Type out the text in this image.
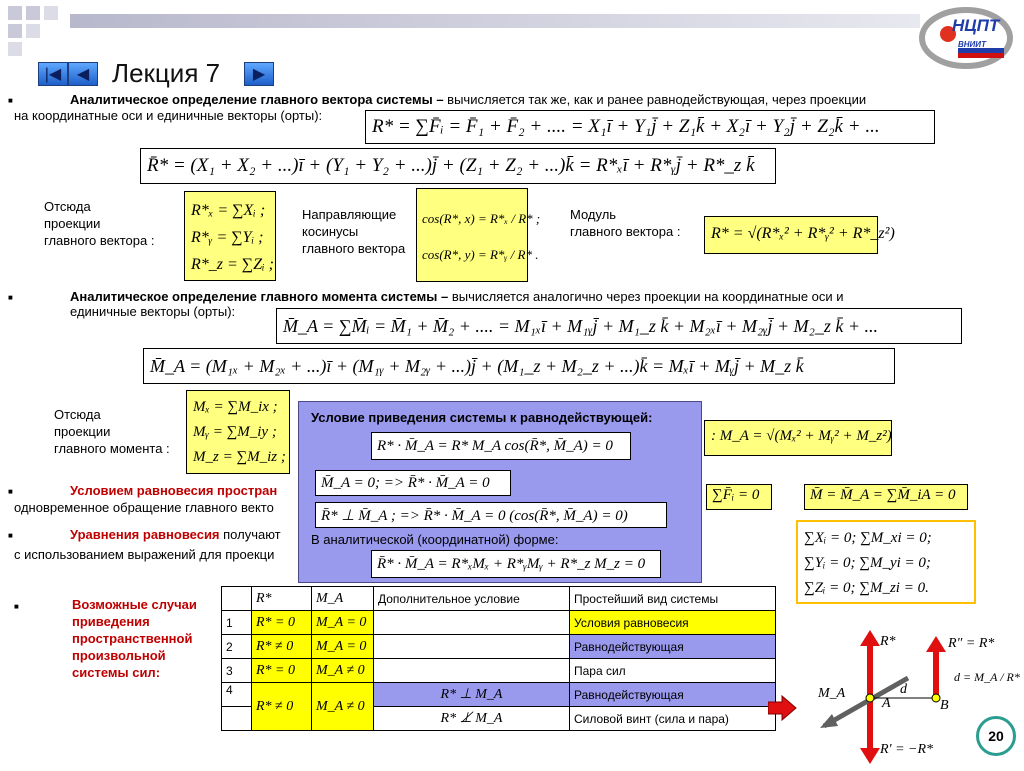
НЦПТ
ВНИИТ
|◀ ◀ Лекция 7 ▶
■	Аналитическое определение главного вектора системы – вычисляется так же, как и ранее равнодействующая, через проекции
на координатные оси и единичные векторы (орты):
R* = ∑F̄ᵢ = F̄₁ + F̄₂ + .... = X₁ī + Y₁j̄ + Z₁k̄ + X₂ī + Y₂j̄ + Z₂k̄ + ...
R̄* = (X₁ + X₂ + ...)ī + (Y₁ + Y₂ + ...)j̄ + (Z₁ + Z₂ + ...)k̄ = R*ₓī + R*ᵧj̄ + R*_z k̄
Отсюда
проекции
главного вектора :
R*ₓ = ∑Xᵢ ;
R*ᵧ = ∑Yᵢ ;
R*_z = ∑Zᵢ ;
Направляющие
косинусы
главного вектора
cos(R*, x) = R*ₓ / R* ;
cos(R*, y) = R*ᵧ / R* .
Модуль
главного вектора :	R* = √(R*ₓ² + R*ᵧ² + R*_z²)
■	Аналитическое определение главного момента системы – вычисляется аналогично через проекции на координатные оси и
единичные векторы (орты):
M̄_A = ∑M̄ᵢ = M̄₁ + M̄₂ + .... = M₁ₓī + M₁ᵧj̄ + M₁_z k̄ + M₂ₓī + M₂ᵧj̄ + M₂_z k̄ + ...
M̄_A = (M₁ₓ + M₂ₓ + ...)ī + (M₁ᵧ + M₂ᵧ + ...)j̄ + (M₁_z + M₂_z + ...)k̄ = Mₓī + Mᵧj̄ + M_z k̄
Отсюда
проекции
главного момента :
Mₓ = ∑M_ix ;
Mᵧ = ∑M_iy ;
M_z = ∑M_iz ;
: M_A = √(Mₓ² + Mᵧ² + M_z²)
■	Условием равновесия простран
одновременное обращение главного векто
∑F̄ᵢ = 0	M̄ = M̄_A = ∑M̄_iA = 0
■	Уравнения равновесия получают
с использованием выражений для проекци
∑Xᵢ = 0; ∑M_xi = 0;
∑Yᵢ = 0; ∑M_yi = 0;
∑Zᵢ = 0; ∑M_zi = 0.
Условие приведения системы к равнодействующей:
R* · M̄_A = R* M_A cos(R̄*, M̄_A) = 0
M̄_A = 0; => R̄* · M̄_A = 0
R̄* ⊥ M̄_A ; => R̄* · M̄_A = 0 (cos(R̄*, M̄_A) = 0)
В аналитической (координатной) форме:
R̄* · M̄_A = R*ₓMₓ + R*ᵧMᵧ + R*_z M_z = 0
■	Возможные случаи
приведения
пространственной
произвольной
системы сил:
	R*	M_A	Дополнительное условие	Простейший вид системы
1	R* = 0	M_A = 0		Условия равновесия
2	R* ≠ 0	M_A = 0		Равнодействующая
3	R* = 0	M_A ≠ 0		Пара сил
4	R* ≠ 0	M_A ≠ 0	R* ⊥ M_A	Равнодействующая
			R* ⊥̸ M_A	Силовой винт (сила и пара)
R*
M_A
A	B
d
R″ = R*
d = M_A / R*
R′ = −R*
20
